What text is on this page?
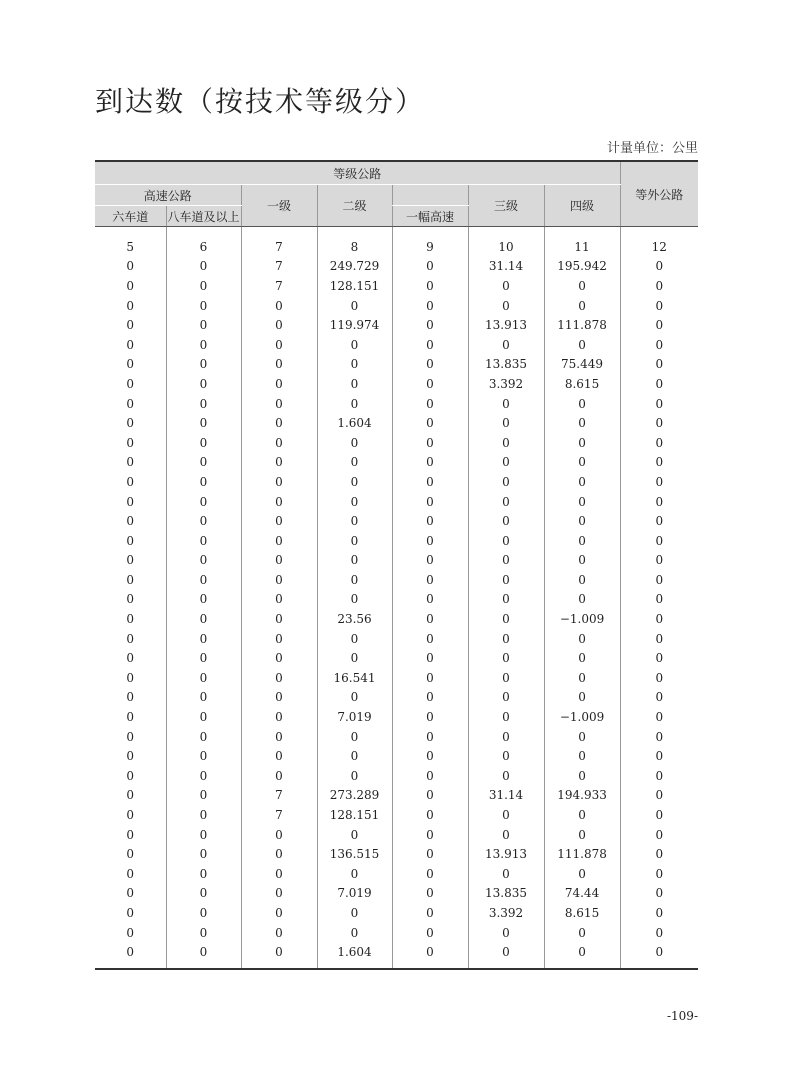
到达数（按技术等级分）
计量单位：公里
等级公路							等外公路
高速公路		一级	二级		三级	四级	
六车道	八车道及以上			一幅高速			

5	6	7	8	9	10	11	12
0	0	7	249.729	0	31.14	195.942	0
0	0	7	128.151	0	0	0	0
0	0	0	0	0	0	0	0
0	0	0	119.974	0	13.913	111.878	0
0	0	0	0	0	0	0	0
0	0	0	0	0	13.835	75.449	0
0	0	0	0	0	3.392	8.615	0
0	0	0	0	0	0	0	0
0	0	0	1.604	0	0	0	0
0	0	0	0	0	0	0	0
0	0	0	0	0	0	0	0
0	0	0	0	0	0	0	0
0	0	0	0	0	0	0	0
0	0	0	0	0	0	0	0
0	0	0	0	0	0	0	0
0	0	0	0	0	0	0	0
0	0	0	0	0	0	0	0
0	0	0	0	0	0	0	0
0	0	0	23.56	0	0	−1.009	0
0	0	0	0	0	0	0	0
0	0	0	0	0	0	0	0
0	0	0	16.541	0	0	0	0
0	0	0	0	0	0	0	0
0	0	0	7.019	0	0	−1.009	0
0	0	0	0	0	0	0	0
0	0	0	0	0	0	0	0
0	0	0	0	0	0	0	0
0	0	7	273.289	0	31.14	194.933	0
0	0	7	128.151	0	0	0	0
0	0	0	0	0	0	0	0
0	0	0	136.515	0	13.913	111.878	0
0	0	0	0	0	0	0	0
0	0	0	7.019	0	13.835	74.44	0
0	0	0	0	0	3.392	8.615	0
0	0	0	0	0	0	0	0
0	0	0	1.604	0	0	0	0
-109-
